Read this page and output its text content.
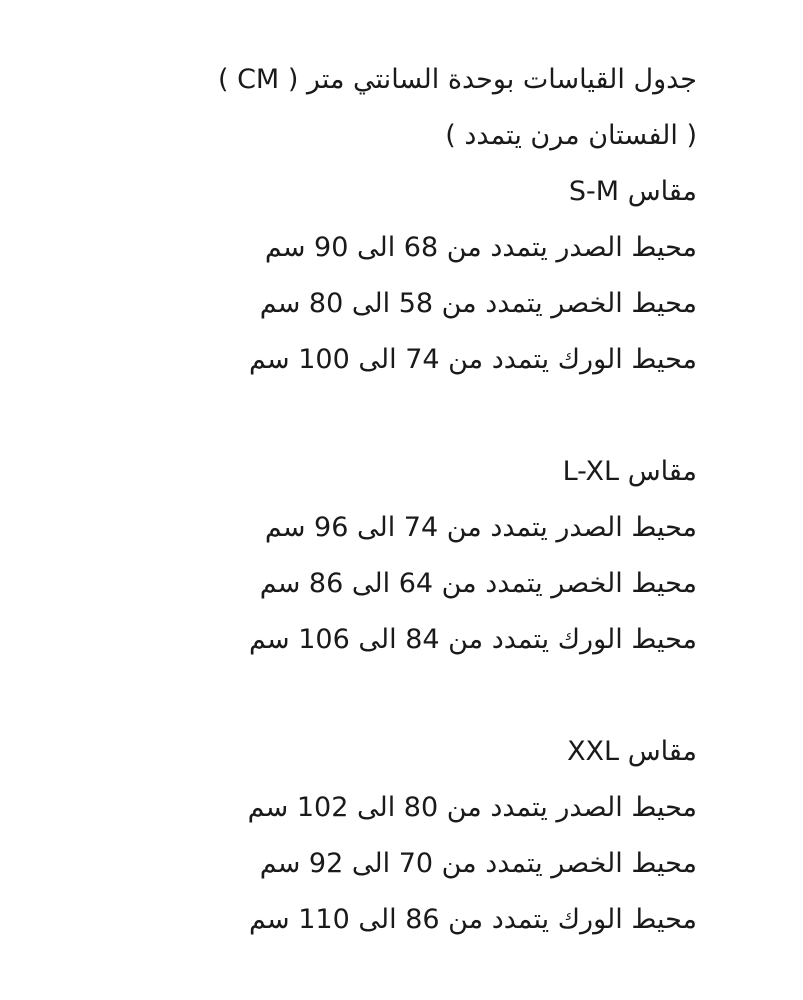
جدول القياسات بوحدة السانتي متر ( CM )
( الفستان مرن يتمدد )
مقاس S-M
محيط الصدر يتمدد من 68 الى 90 سم
محيط الخصر يتمدد من 58 الى 80 سم
محيط الورك يتمدد من 74 الى 100 سم
مقاس L-XL
محيط الصدر يتمدد من 74 الى 96 سم
محيط الخصر يتمدد من 64 الى 86 سم
محيط الورك يتمدد من 84 الى 106 سم
مقاس XXL
محيط الصدر يتمدد من 80 الى 102 سم
محيط الخصر يتمدد من 70 الى 92 سم
محيط الورك يتمدد من 86 الى 110 سم
